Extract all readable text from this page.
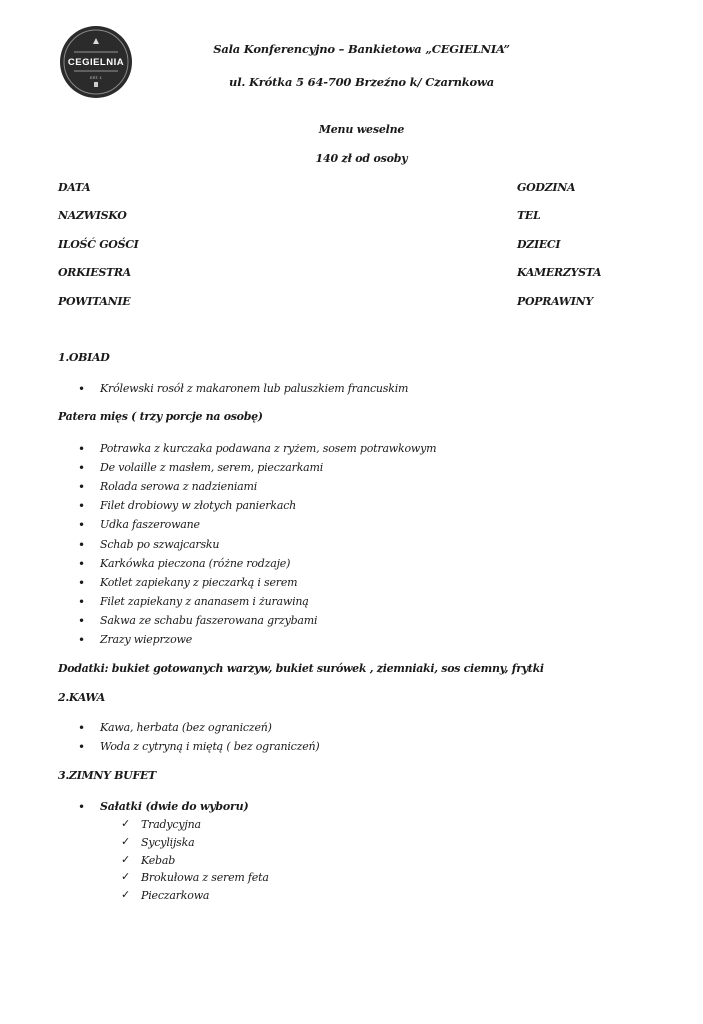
CEGIELNIA
EST. 1
Sala Konferencyjno – Bankietowa „CEGIELNIA”
ul. Krótka 5 64-700 Brzeźno k/ Czarnkowa
Menu weselne
140 zł od osoby
DATA
NAZWISKO
ILOŚĆ GOŚCI
ORKIESTRA
POWITANIE
GODZINA
TEL
DZIECI
KAMERZYSTA
POPRAWINY
1.OBIAD
• Królewski rosół z makaronem lub paluszkiem francuskim
Patera mięs ( trzy porcje na osobę)
• Potrawka z kurczaka podawana z ryżem, sosem potrawkowym
• De volaille z masłem, serem, pieczarkami
• Rolada serowa z nadzieniami
• Filet drobiowy w złotych panierkach
• Udka faszerowane
• Schab po szwajcarsku
• Karkówka pieczona (różne rodzaje)
• Kotlet zapiekany z pieczarką i serem
• Filet zapiekany z ananasem i żurawiną
• Sakwa ze schabu faszerowana grzybami
• Zrazy wieprzowe
Dodatki: bukiet gotowanych warzyw, bukiet surówek , ziemniaki, sos ciemny, frytki
2.KAWA
• Kawa, herbata (bez ograniczeń)
• Woda z cytryną i miętą ( bez ograniczeń)
3.ZIMNY BUFET
• Sałatki (dwie do wyboru)
✓ Tradycyjna
✓ Sycylijska
✓ Kebab
✓ Brokułowa z serem feta
✓ Pieczarkowa
